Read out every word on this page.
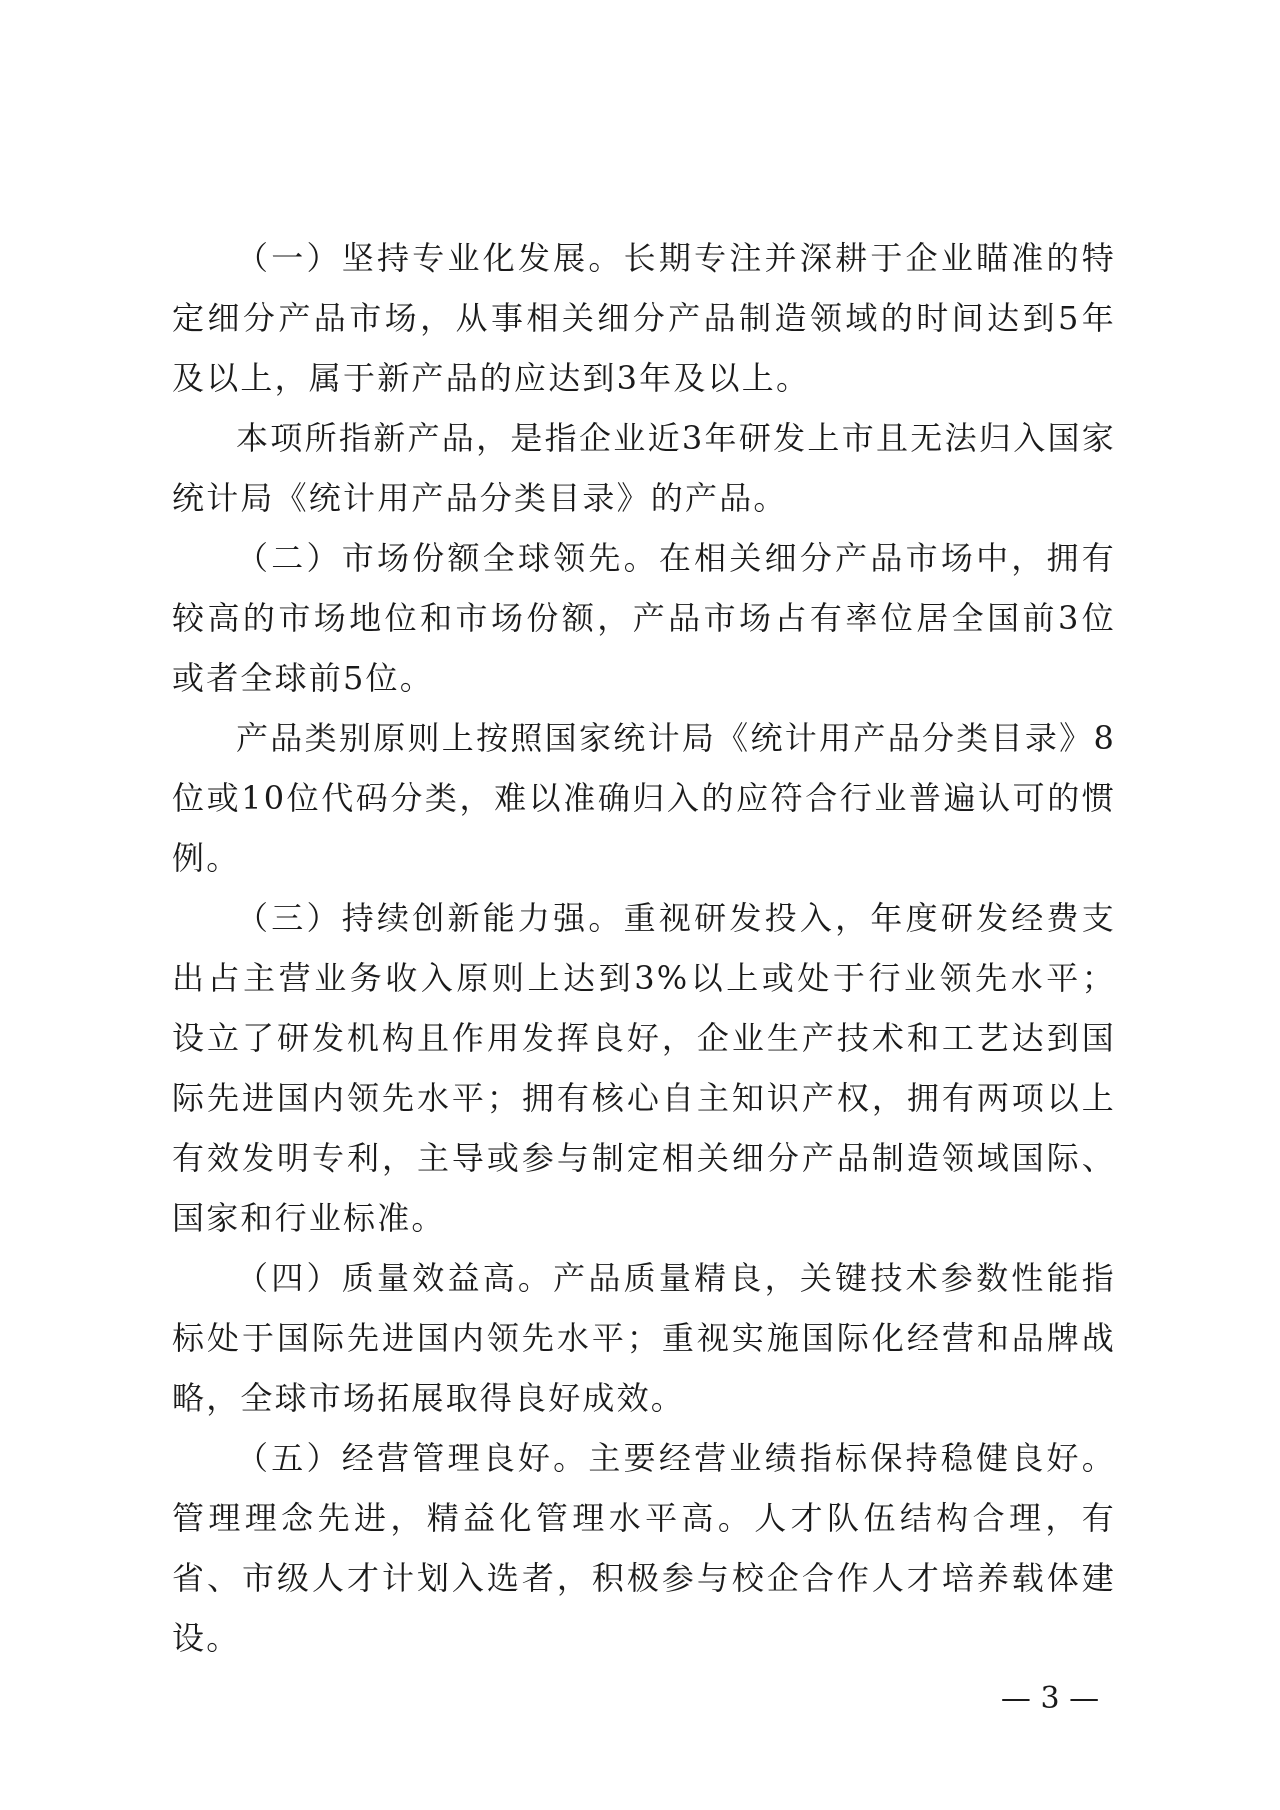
（一）坚持专业化发展。长期专注并深耕于企业瞄准的特定细分产品市场，从事相关细分产品制造领域的时间达到5年及以上，属于新产品的应达到3年及以上。

本项所指新产品，是指企业近3年研发上市且无法归入国家统计局《统计用产品分类目录》的产品。

（二）市场份额全球领先。在相关细分产品市场中，拥有较高的市场地位和市场份额，产品市场占有率位居全国前3位或者全球前5位。

产品类别原则上按照国家统计局《统计用产品分类目录》8位或10位代码分类，难以准确归入的应符合行业普遍认可的惯例。

（三）持续创新能力强。重视研发投入，年度研发经费支出占主营业务收入原则上达到3%以上或处于行业领先水平；设立了研发机构且作用发挥良好，企业生产技术和工艺达到国际先进国内领先水平；拥有核心自主知识产权，拥有两项以上有效发明专利，主导或参与制定相关细分产品制造领域国际、国家和行业标准。

（四）质量效益高。产品质量精良，关键技术参数性能指标处于国际先进国内领先水平；重视实施国际化经营和品牌战略，全球市场拓展取得良好成效。

（五）经营管理良好。主要经营业绩指标保持稳健良好。管理理念先进，精益化管理水平高。人才队伍结构合理，有省、市级人才计划入选者，积极参与校企合作人才培养载体建设。

— 3 —
